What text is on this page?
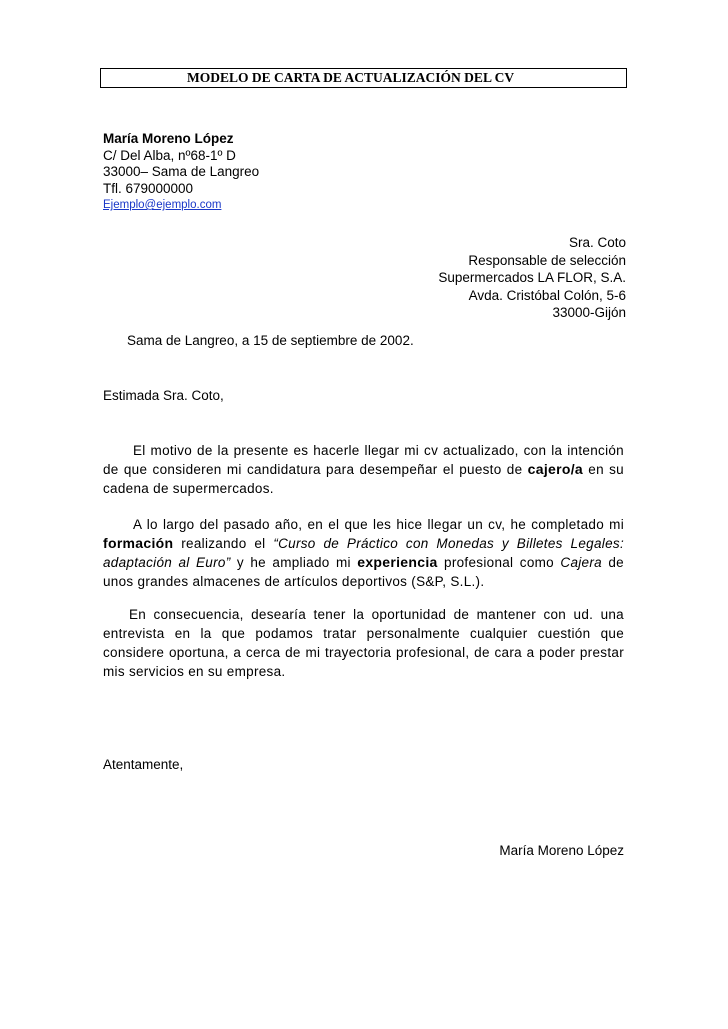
MODELO DE CARTA DE ACTUALIZACIÓN DEL CV
María Moreno López
C/ Del Alba, nº68-1º D
33000– Sama de Langreo
Tfl. 679000000
Ejemplo@ejemplo.com
Sra. Coto
Responsable de selección
Supermercados LA FLOR, S.A.
Avda. Cristóbal Colón, 5-6
33000-Gijón
Sama de Langreo, a 15 de septiembre de 2002.
Estimada Sra. Coto,
El motivo de la presente es hacerle llegar mi cv actualizado, con la intención de que consideren mi candidatura para desempeñar el puesto de cajero/a en su cadena de supermercados.
A lo largo del pasado año, en el que les hice llegar un cv, he completado mi formación realizando el “Curso de Práctico con Monedas y Billetes Legales: adaptación al Euro” y he ampliado mi experiencia profesional como Cajera de unos grandes almacenes de artículos deportivos (S&P, S.L.).
En consecuencia, desearía tener la oportunidad de mantener con ud. una entrevista en la que podamos tratar personalmente cualquier cuestión que considere oportuna, a cerca de mi trayectoria profesional, de cara a poder prestar mis servicios en su empresa.
Atentamente,
María Moreno López
